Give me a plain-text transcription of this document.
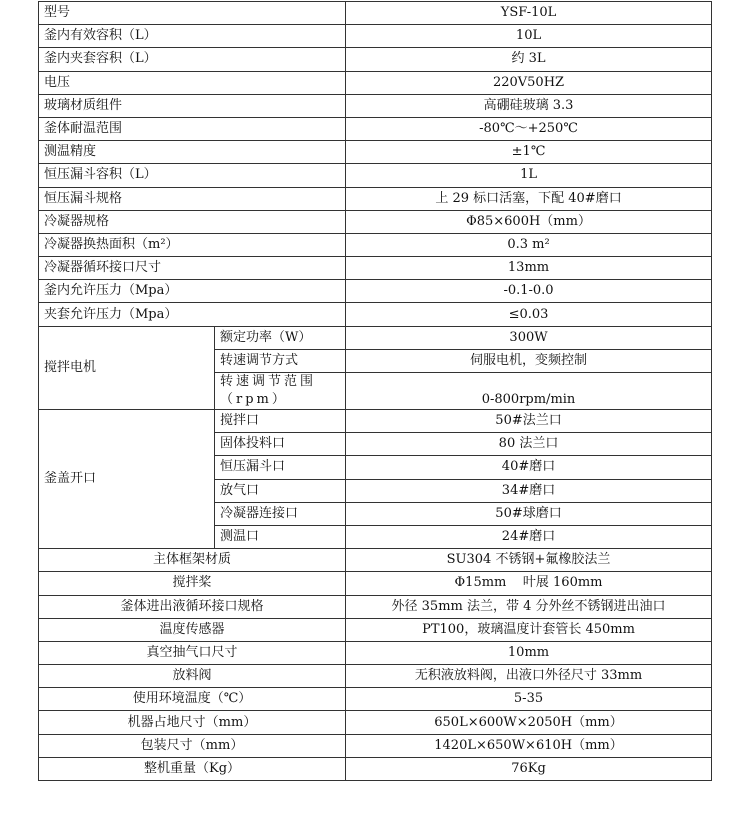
型号		YSF-10L
釜内有效容积（L）		10L
釜内夹套容积（L）		约 3L
电压		220V50HZ
玻璃材质组件		高硼硅玻璃 3.3
釜体耐温范围		-80℃～+250℃
测温精度		±1℃
恒压漏斗容积（L）		1L
恒压漏斗规格		上 29 标口活塞，下配 40#磨口
冷凝器规格		Φ85×600H（mm）
冷凝器换热面积（m²）		0.3 m²
冷凝器循环接口尺寸		13mm
釜内允许压力（Mpa）		-0.1-0.0
夹套允许压力（Mpa）		≤0.03
搅拌电机	额定功率（W）	300W
	转速调节方式	伺服电机，变频控制
	转速调节范围（rpm）	0-800rpm/min
釜盖开口	搅拌口	50#法兰口
	固体投料口	80 法兰口
	恒压漏斗口	40#磨口
	放气口	34#磨口
	冷凝器连接口	50#球磨口
	测温口	24#磨口
主体框架材质		SU304 不锈钢+氟橡胶法兰
搅拌桨		Φ15mm    叶展 160mm
釜体进出液循环接口规格		外径 35mm 法兰，带 4 分外丝不锈钢进出油口
温度传感器		PT100，玻璃温度计套管长 450mm
真空抽气口尺寸		10mm
放料阀		无积液放料阀，出液口外径尺寸 33mm
使用环境温度（℃）		5-35
机器占地尺寸（mm）		650L×600W×2050H（mm）
包装尺寸（mm）		1420L×650W×610H（mm）
整机重量（Kg）		76Kg
